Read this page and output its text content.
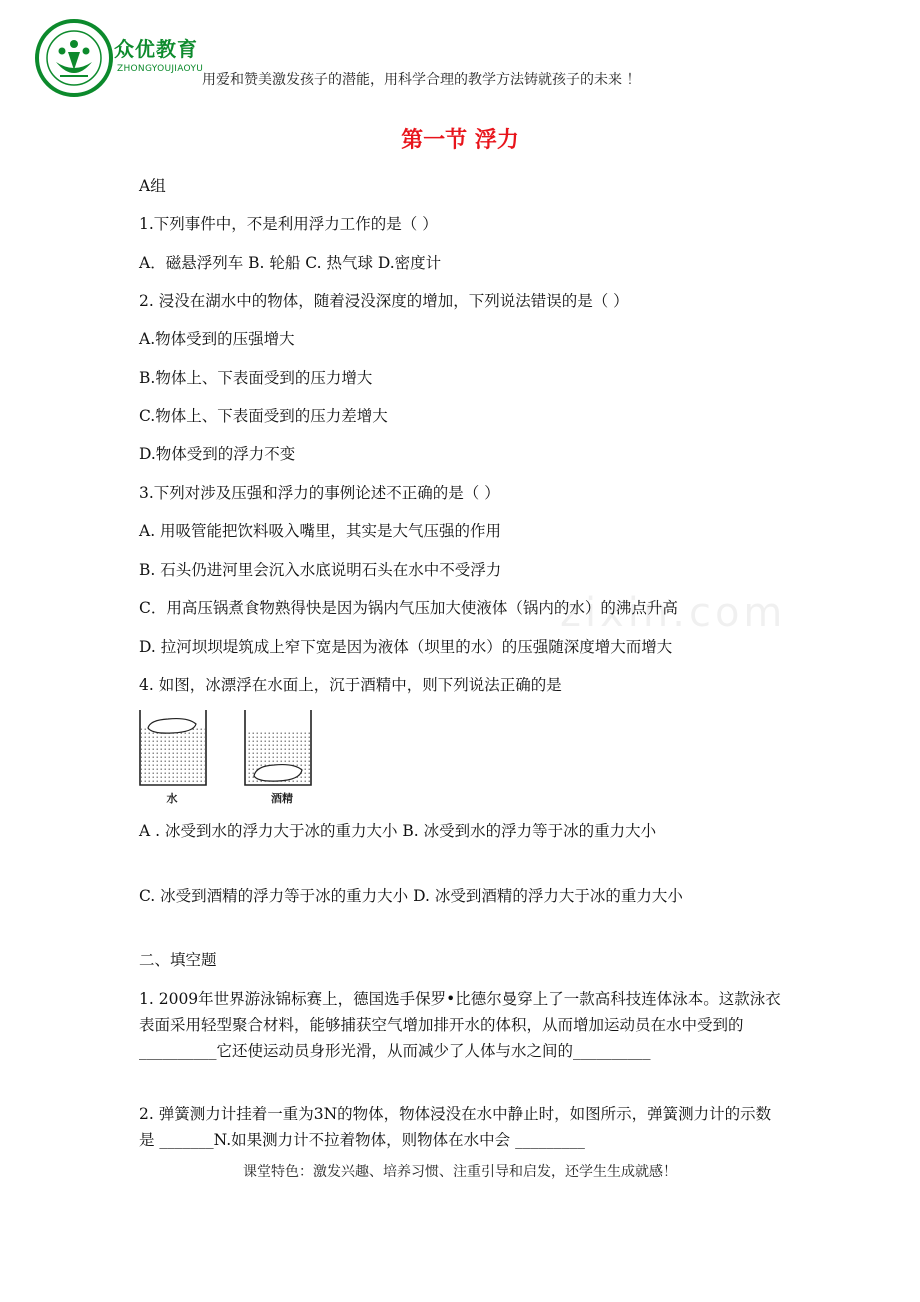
众优教育
ZHONGYOUJIAOYU
用爱和赞美激发孩子的潜能，用科学合理的教学方法铸就孩子的未来 ！
第一节 浮力
A组
1.下列事件中，不是利用浮力工作的是（ ）
A．磁悬浮列车 B. 轮船 C. 热气球 D.密度计
2. 浸没在湖水中的物体，随着浸没深度的增加，下列说法错误的是（ ）
A.物体受到的压强增大
B.物体上、下表面受到的压力增大
C.物体上、下表面受到的压力差增大
D.物体受到的浮力不变
3.下列对涉及压强和浮力的事例论述不正确的是（ ）
A. 用吸管能把饮料吸入嘴里，其实是大气压强的作用
B. 石头仍进河里会沉入水底说明石头在水中不受浮力
C．用高压锅煮食物熟得快是因为锅内气压加大使液体（锅内的水）的沸点升高
D. 拉河坝坝堤筑成上窄下宽是因为液体（坝里的水）的压强随深度增大而增大
4. 如图，冰漂浮在水面上，沉于酒精中，则下列说法正确的是
水	酒精
A . 冰受到水的浮力大于冰的重力大小 B. 冰受到水的浮力等于冰的重力大小
C. 冰受到酒精的浮力等于冰的重力大小 D. 冰受到酒精的浮力大于冰的重力大小
二、填空题
1. 2009年世界游泳锦标赛上，德国选手保罗•比德尔曼穿上了一款高科技连体泳本。这款泳衣表面采用轻型聚合材料，能够捕获空气增加排开水的体积，从而增加运动员在水中受到的__________它还使运动员身形光滑，从而减少了人体与水之间的__________
2. 弹簧测力计挂着一重为3N的物体，物体浸没在水中静止时，如图所示，弹簧测力计的示数是 _______N.如果测力计不拉着物体，则物体在水中会 _________
zixin.com
课堂特色：激发兴趣、培养习惯、注重引导和启发，还学生生成就感！
